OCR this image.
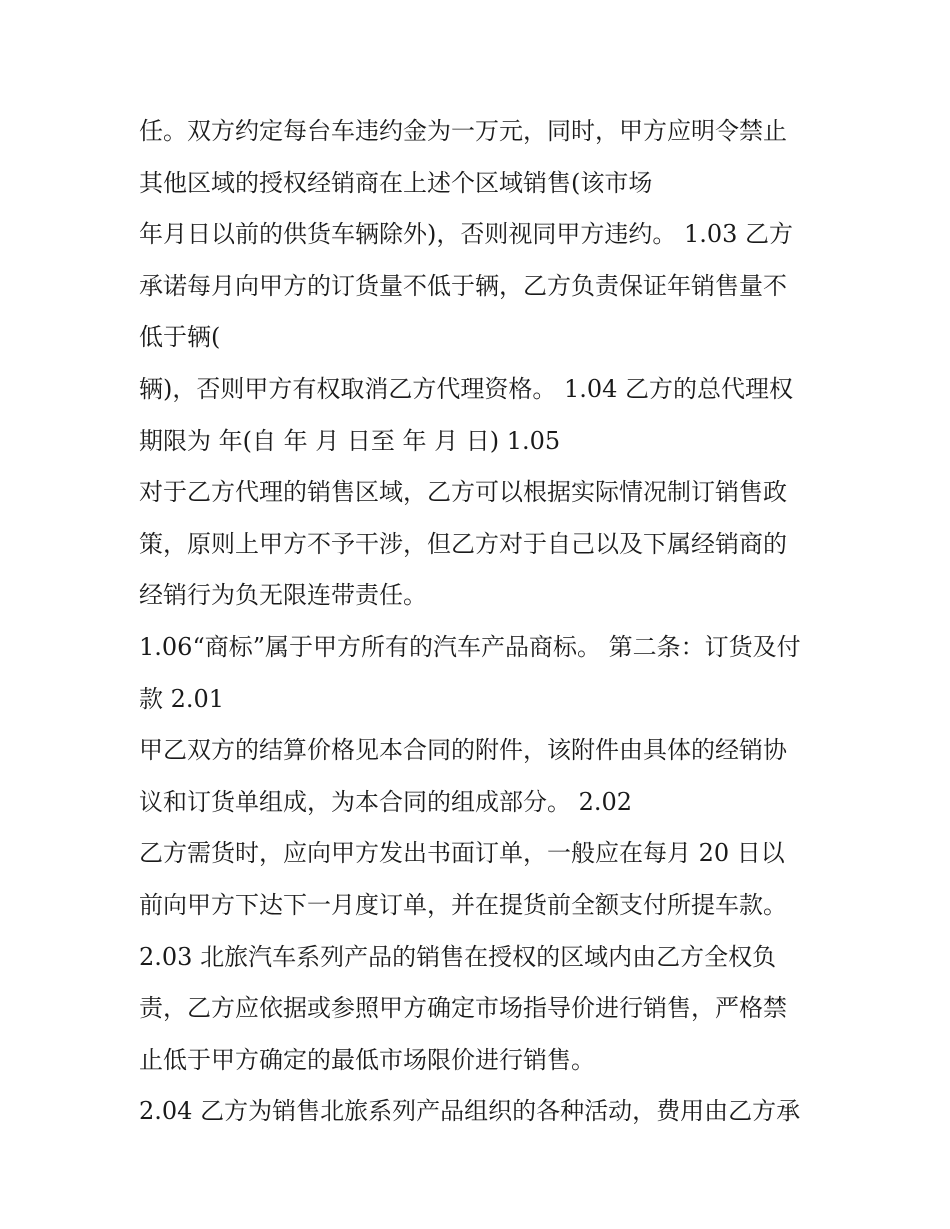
任。双方约定每台车违约金为一万元，同时，甲方应明令禁止
其他区域的授权经销商在上述个区域销售(该市场
年月日以前的供货车辆除外)，否则视同甲方违约。 1.03 乙方
承诺每月向甲方的订货量不低于辆，乙方负责保证年销售量不
低于辆(
辆)，否则甲方有权取消乙方代理资格。 1.04 乙方的总代理权
期限为 年(自 年 月 日至 年 月 日) 1.05
对于乙方代理的销售区域，乙方可以根据实际情况制订销售政
策，原则上甲方不予干涉，但乙方对于自己以及下属经销商的
经销行为负无限连带责任。
1.06“商标”属于甲方所有的汽车产品商标。 第二条：订货及付
款 2.01
甲乙双方的结算价格见本合同的附件，该附件由具体的经销协
议和订货单组成，为本合同的组成部分。 2.02
乙方需货时，应向甲方发出书面订单，一般应在每月 20 日以
前向甲方下达下一月度订单，并在提货前全额支付所提车款。
2.03 北旅汽车系列产品的销售在授权的区域内由乙方全权负
责，乙方应依据或参照甲方确定市场指导价进行销售，严格禁
止低于甲方确定的最低市场限价进行销售。
2.04 乙方为销售北旅系列产品组织的各种活动，费用由乙方承
